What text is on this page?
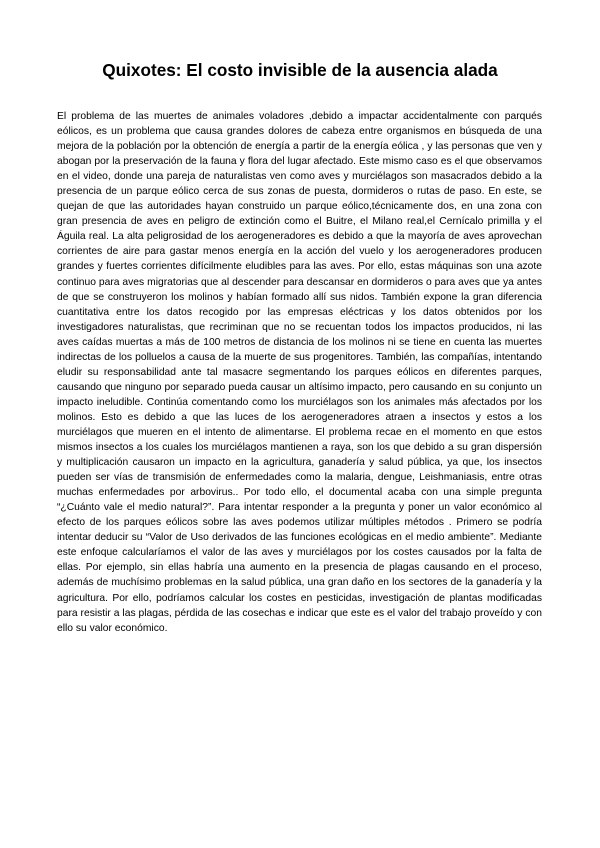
Quixotes: El costo invisible de la ausencia alada

El problema de las muertes de animales voladores ,debido a impactar accidentalmente con parqués eólicos, es un problema que causa grandes dolores de cabeza entre organismos en búsqueda de una mejora de la población por la obtención de energía a partir de la energía eólica , y las personas que ven y abogan por la preservación de la fauna y flora del lugar afectado. Este mismo caso es el que observamos en el video, donde una pareja de naturalistas ven como aves y murciélagos son masacrados debido a la presencia de un parque eólico cerca de sus zonas de puesta, dormideros o rutas de paso. En este, se quejan de que las autoridades hayan construido un parque eólico,técnicamente dos, en una zona con gran presencia de aves en peligro de extinción como el Buitre, el Milano real,el Cernícalo primilla y el Águila real. La alta peligrosidad de los aerogeneradores es debido a que la mayoría de aves aprovechan corrientes de aire para gastar menos energía en la acción del vuelo y los aerogeneradores producen grandes y fuertes corrientes difícilmente eludibles para las aves. Por ello, estas máquinas son una azote continuo para aves migratorias que al descender para descansar en dormideros o para aves que ya antes de que se construyeron los molinos y habían formado allí sus nidos. También expone la gran diferencia cuantitativa entre los datos recogido por las empresas eléctricas y los datos obtenidos por los investigadores naturalistas, que recriminan que no se recuentan todos los impactos producidos, ni las aves caídas muertas a más de 100 metros de distancia de los molinos ni se tiene en cuenta las muertes indirectas de los polluelos a causa de la muerte de sus progenitores. También, las compañías, intentando eludir su responsabilidad ante tal masacre segmentando los parques eólicos en diferentes parques, causando que ninguno por separado pueda causar un altísimo impacto, pero causando en su conjunto un impacto ineludible. Continúa comentando como los murciélagos son los animales más afectados por los molinos. Esto es debido a que las luces de los aerogeneradores atraen a insectos y estos a los murciélagos que mueren en el intento de alimentarse. El problema recae en el momento en que estos mismos insectos a los cuales los murciélagos mantienen a raya, son los que debido a su gran dispersión y multiplicación causaron un impacto en la agricultura, ganadería y salud pública, ya que, los insectos pueden ser vías de transmisión de enfermedades como la malaria, dengue, Leishmaniasis, entre otras muchas enfermedades por arbovirus.. Por todo ello, el documental acaba con una simple pregunta “¿Cuánto vale el medio natural?”. Para intentar responder a la pregunta y poner un valor económico al efecto de los parques eólicos sobre las aves podemos utilizar múltiples métodos . Primero se podría intentar deducir su “Valor de Uso derivados de las funciones ecológicas en el medio ambiente”. Mediante este enfoque calcularíamos el valor de las aves y murciélagos por los costes causados por la falta de ellas. Por ejemplo, sin ellas habría una aumento en la presencia de plagas causando en el proceso, además de muchísimo problemas en la salud pública, una gran daño en los sectores de la ganadería y la agricultura. Por ello, podríamos calcular los costes en pesticidas, investigación de plantas modificadas para resistir a las plagas, pérdida de las cosechas e indicar que este es el valor del trabajo proveído y con ello su valor económico.
